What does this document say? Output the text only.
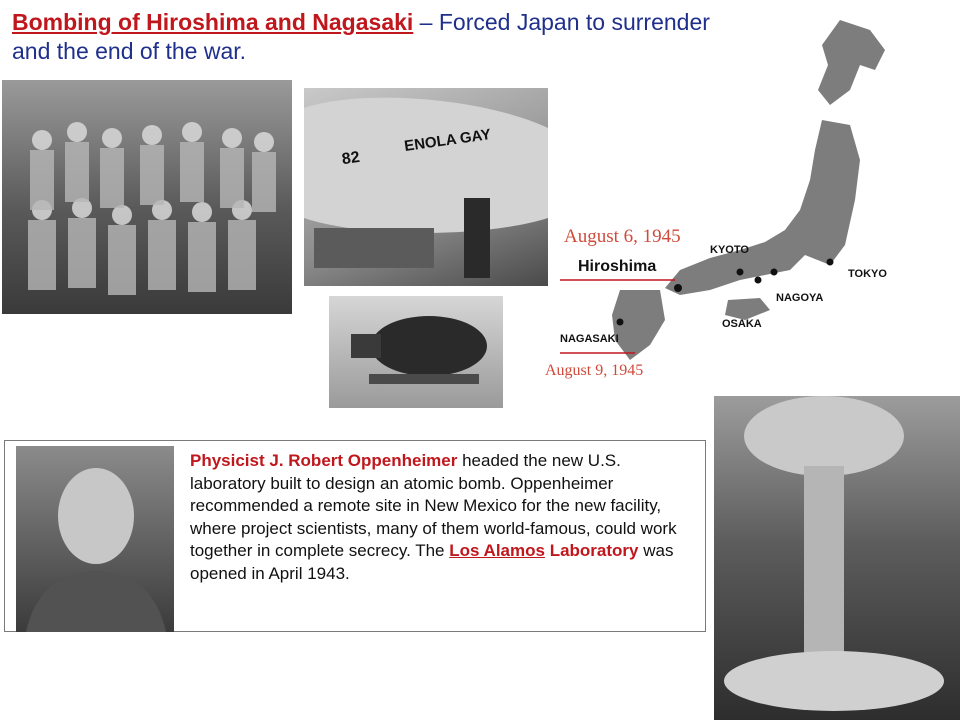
Bombing of Hiroshima and Nagasaki – Forced Japan to surrender and the end of the war.
ENOLA GAY
82
Hiroshima
NAGASAKI
KYOTO
TOKYO
NAGOYA
OSAKA
August 6, 1945
August 9, 1945
Physicist J. Robert Oppenheimer headed the new U.S. laboratory built to design an atomic bomb. Oppenheimer recommended a remote site in New Mexico for the new facility, where project scientists, many of them world-famous, could work together in complete secrecy. The Los Alamos Laboratory was opened in April 1943.
